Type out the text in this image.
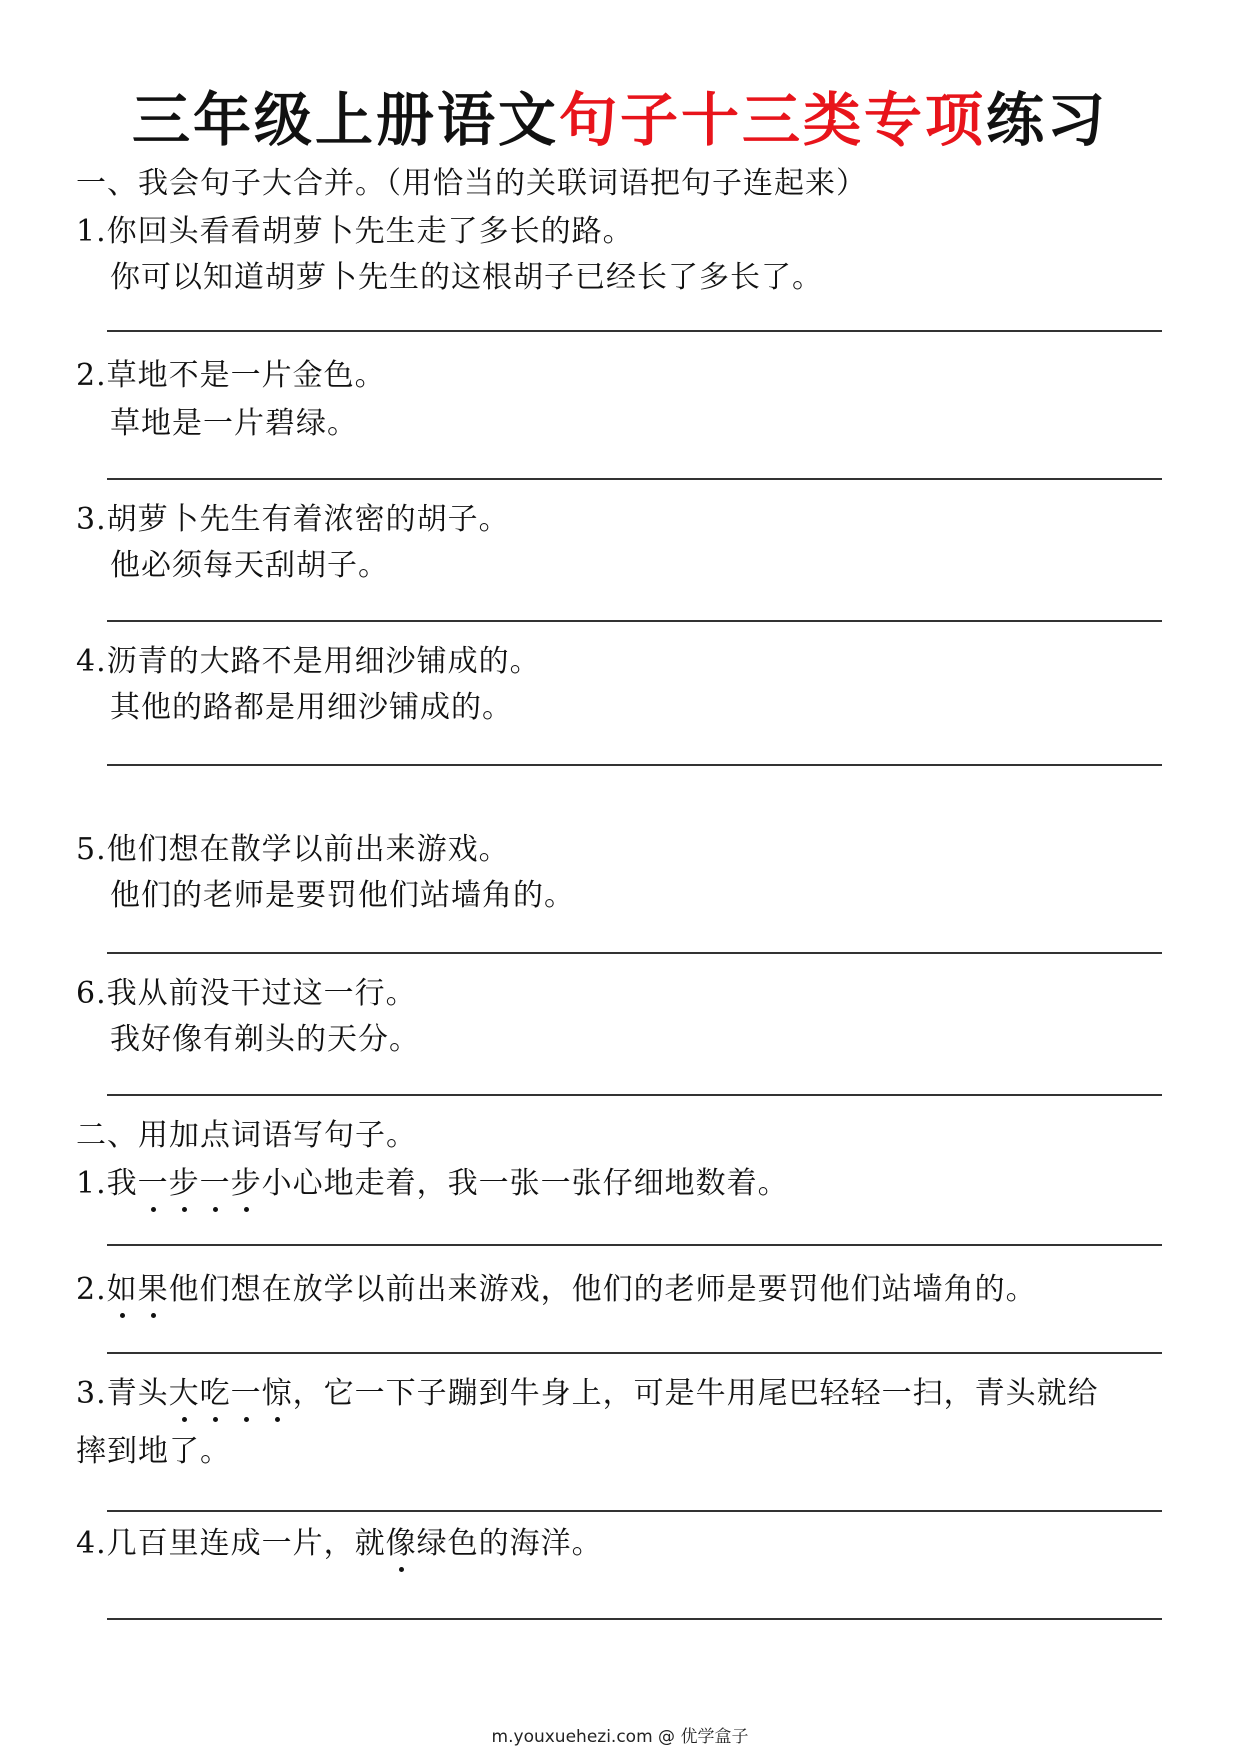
三年级上册语文句子十三类专项练习
一、我会句子大合并。（用恰当的关联词语把句子连起来）
1.你回头看看胡萝卜先生走了多长的路。
你可以知道胡萝卜先生的这根胡子已经长了多长了。
2.草地不是一片金色。
草地是一片碧绿。
3.胡萝卜先生有着浓密的胡子。
他必须每天刮胡子。
4.沥青的大路不是用细沙铺成的。
其他的路都是用细沙铺成的。
5.他们想在散学以前出来游戏。
他们的老师是要罚他们站墙角的。
6.我从前没干过这一行。
我好像有剃头的天分。
二、用加点词语写句子。
1.我一步一步小心地走着，我一张一张仔细地数着。
2.如果他们想在放学以前出来游戏，他们的老师是要罚他们站墙角的。
3.青头大吃一惊，它一下子蹦到牛身上，可是牛用尾巴轻轻一扫，青头就给
摔到地了。
4.几百里连成一片，就像绿色的海洋。
m.youxuehezi.com @ 优学盒子
